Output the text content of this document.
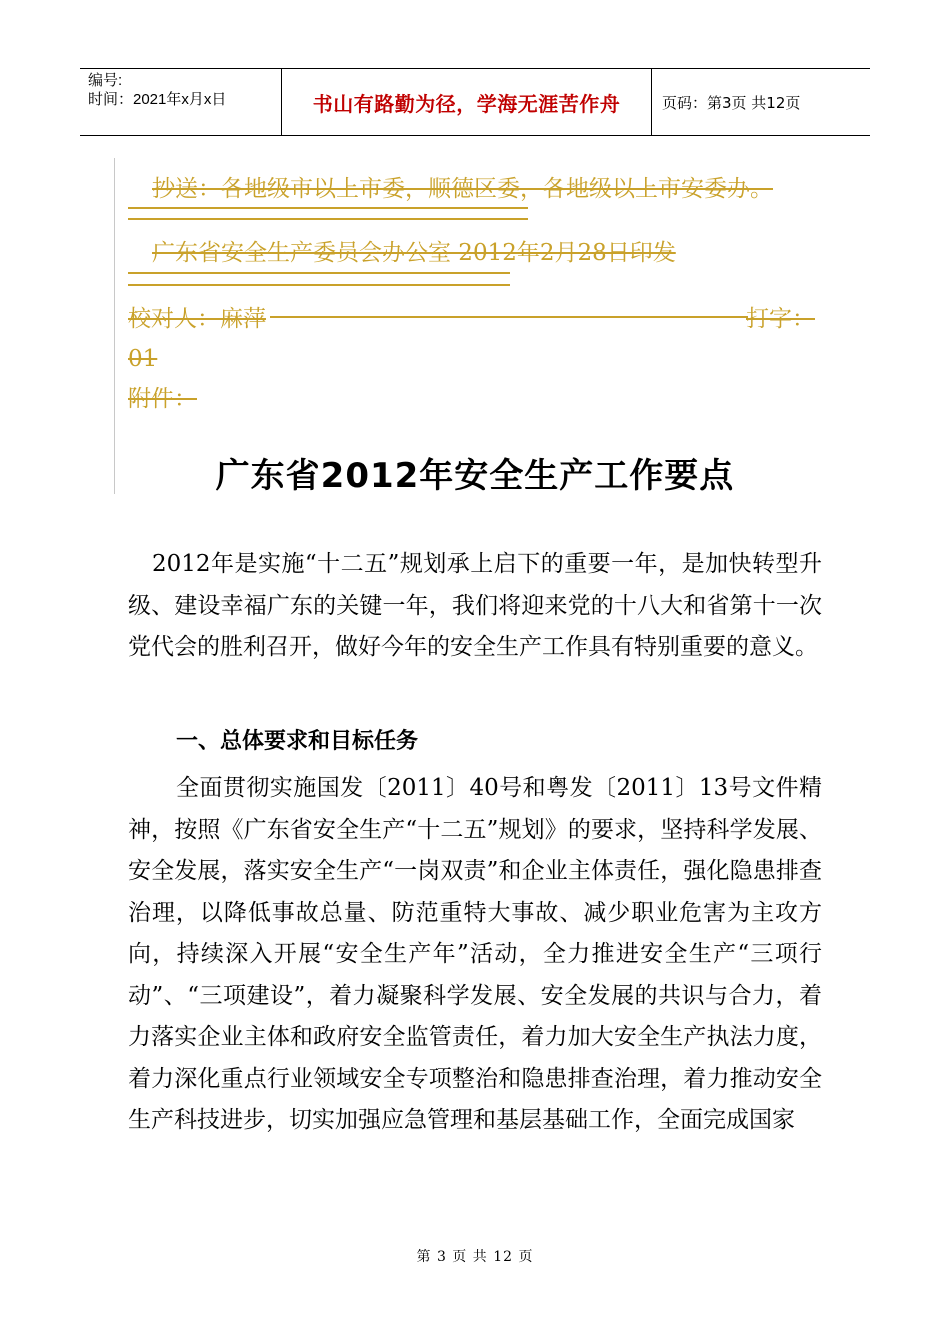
编号:
时间：2021年x月x日	书山有路勤为径，学海无涯苦作舟	页码：第3页 共12页
抄送：各地级市以上市委，顺德区委，各地级以上市安委办。
广东省安全生产委员会办公室 2012年2月28日印发
校对人：麻萍	打字：
01
附件：
广东省2012年安全生产工作要点
2012年是实施“十二五”规划承上启下的重要一年，是加快转型升级、建设幸福广东的关键一年，我们将迎来党的十八大和省第十一次党代会的胜利召开，做好今年的安全生产工作具有特别重要的意义。
一、总体要求和目标任务
全面贯彻实施国发〔2011〕40号和粤发〔2011〕13号文件精神，按照《广东省安全生产“十二五”规划》的要求，坚持科学发展、安全发展，落实安全生产“一岗双责”和企业主体责任，强化隐患排查治理，以降低事故总量、防范重特大事故、减少职业危害为主攻方向，持续深入开展“安全生产年”活动，全力推进安全生产“三项行动”、“三项建设”，着力凝聚科学发展、安全发展的共识与合力，着力落实企业主体和政府安全监管责任，着力加大安全生产执法力度，着力深化重点行业领域安全专项整治和隐患排查治理，着力推动安全生产科技进步，切实加强应急管理和基层基础工作，全面完成国家
第 3 页 共 12 页
